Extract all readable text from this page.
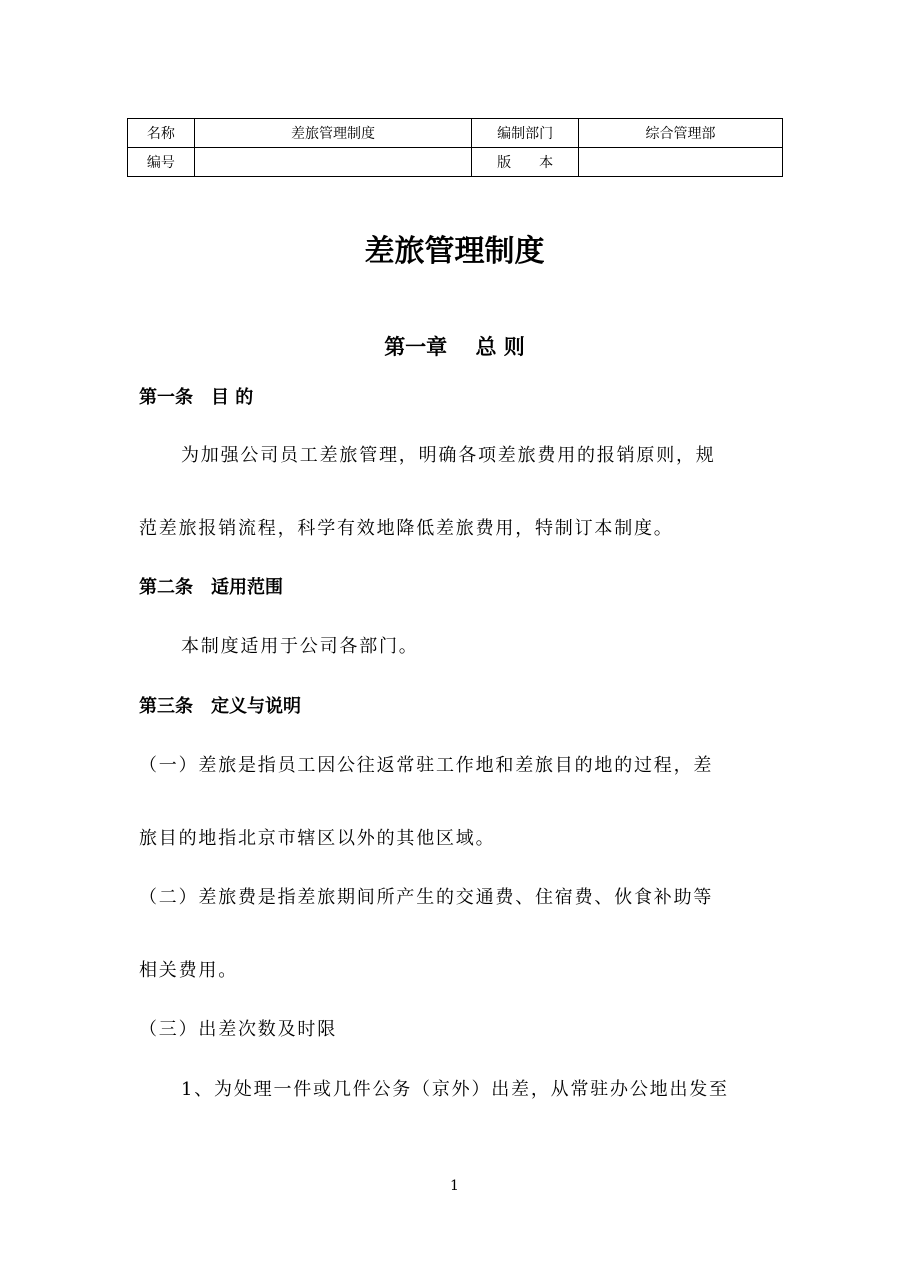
名称	差旅管理制度	编制部门	综合管理部
编号		版本	
差旅管理制度
第一章　 总 则
第一条　目 的
为加强公司员工差旅管理，明确各项差旅费用的报销原则，规
范差旅报销流程，科学有效地降低差旅费用，特制订本制度。
第二条　适用范围
本制度适用于公司各部门。
第三条　定义与说明
（一）差旅是指员工因公往返常驻工作地和差旅目的地的过程，差
旅目的地指北京市辖区以外的其他区域。
（二）差旅费是指差旅期间所产生的交通费、住宿费、伙食补助等
相关费用。
（三）出差次数及时限
1、为处理一件或几件公务（京外）出差，从常驻办公地出发至
1
